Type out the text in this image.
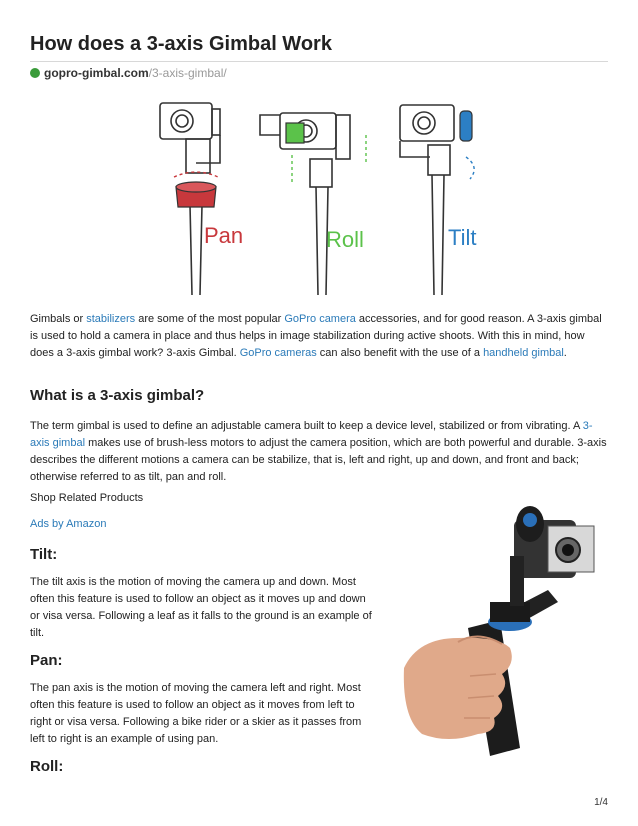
How does a 3-axis Gimbal Work
gopro-gimbal.com /3-axis-gimbal/
Pan	Roll	Tilt

Gimbals or stabilizers are some of the most popular GoPro camera accessories, and for good reason. A 3-axis gimbal is used to hold a camera in place and thus helps in image stabilization during active shoots. With this in mind, how does a 3-axis gimbal work? 3-axis Gimbal. GoPro cameras can also benefit with the use of a handheld gimbal.

What is a 3-axis gimbal?

The term gimbal is used to define an adjustable camera built to keep a device level, stabilized or from vibrating. A 3-axis gimbal makes use of brush-less motors to adjust the camera position, which are both powerful and durable. 3-axis describes the different motions a camera can be stabilize, that is, left and right, up and down, and front and back; otherwise referred to as tilt, pan and roll.

Shop Related Products

Ads by Amazon

Tilt:

The tilt axis is the motion of moving the camera up and down. Most often this feature is used to follow an object as it moves up and down or visa versa. Following a leaf as it falls to the ground is an example of tilt.

Pan:

The pan axis is the motion of moving the camera left and right. Most often this feature is used to follow an object as it moves from left to right or visa versa. Following a bike rider or a skier as it passes from left to right is an example of using pan.

Roll:
1/4
